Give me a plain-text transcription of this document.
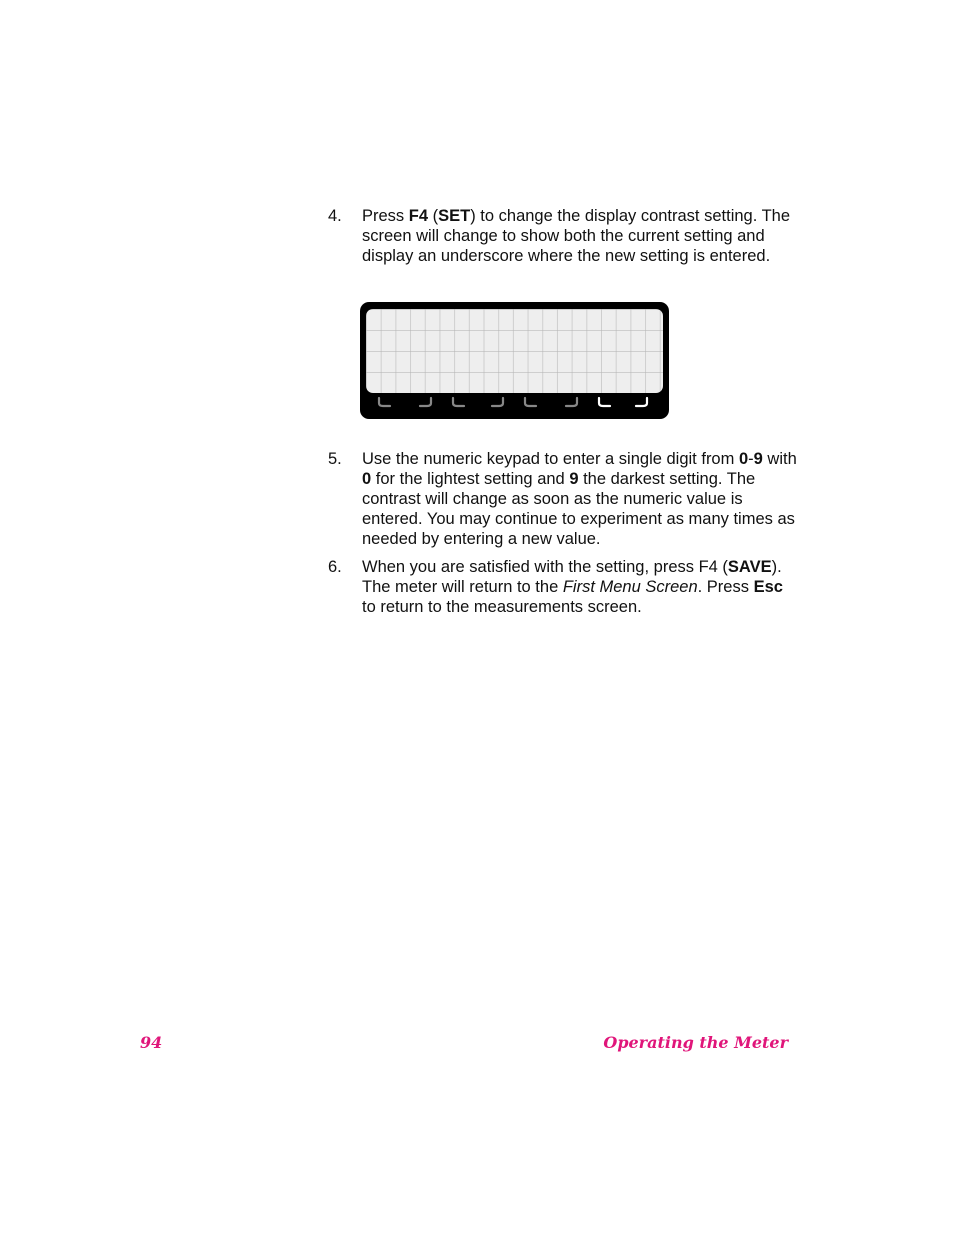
4. Press F4 (SET) to change the display contrast setting. The screen will change to show both the current setting and display an underscore where the new setting is entered.
5. Use the numeric keypad to enter a single digit from 0-9 with 0 for the lightest setting and 9 the darkest setting. The contrast will change as soon as the numeric value is entered. You may continue to experiment as many times as needed by entering a new value.
6. When you are satisfied with the setting, press F4 (SAVE). The meter will return to the First Menu Screen. Press Esc to return to the measurements screen.
94	Operating the Meter
